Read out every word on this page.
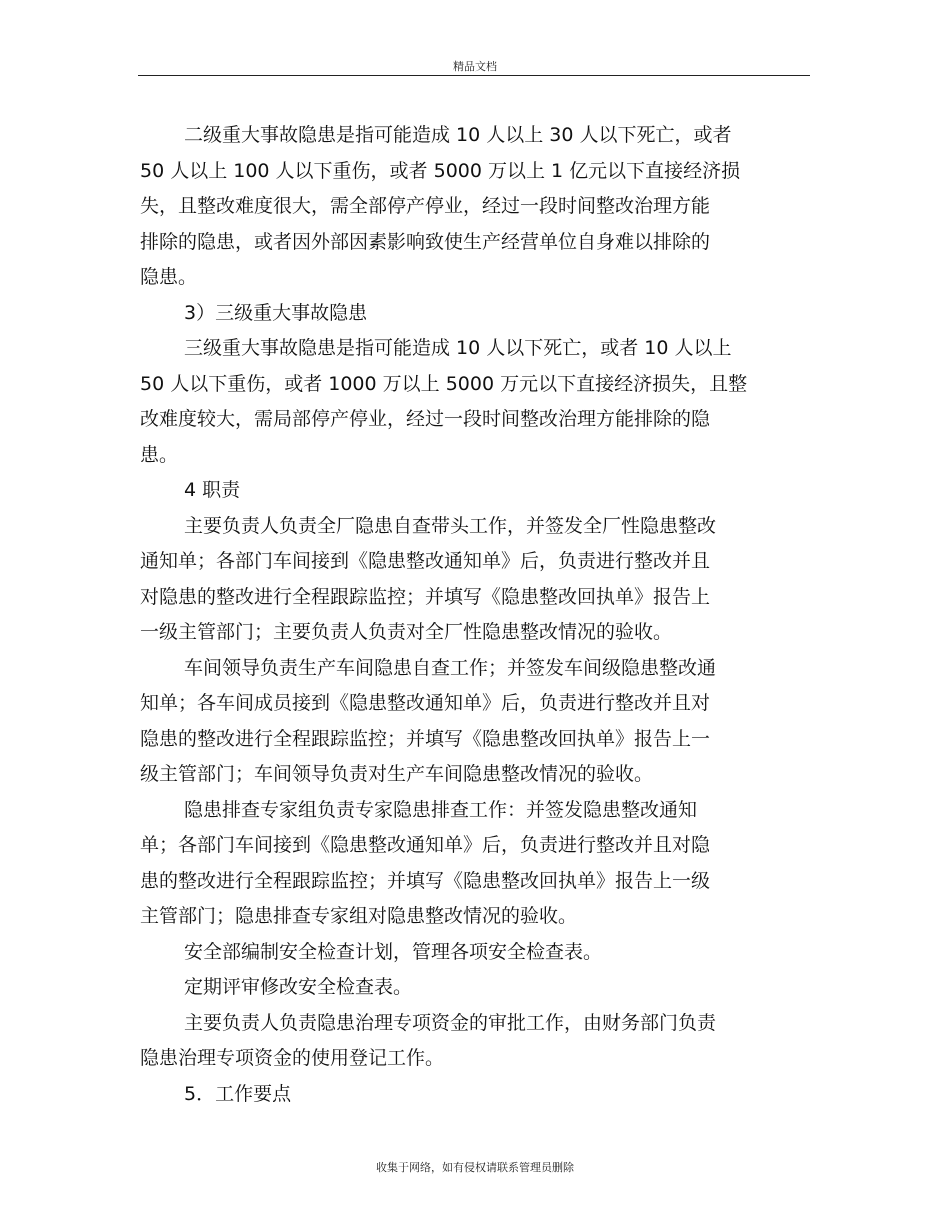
精品文档
二级重大事故隐患是指可能造成 10 人以上 30 人以下死亡，或者
50 人以上 100 人以下重伤，或者 5000 万以上 1 亿元以下直接经济损
失，且整改难度很大，需全部停产停业，经过一段时间整改治理方能
排除的隐患，或者因外部因素影响致使生产经营单位自身难以排除的
隐患。
3）三级重大事故隐患
三级重大事故隐患是指可能造成 10 人以下死亡，或者 10 人以上
50 人以下重伤，或者 1000 万以上 5000 万元以下直接经济损失，且整
改难度较大，需局部停产停业，经过一段时间整改治理方能排除的隐
患。
4 职责
主要负责人负责全厂隐患自查带头工作，并签发全厂性隐患整改
通知单；各部门车间接到《隐患整改通知单》后，负责进行整改并且
对隐患的整改进行全程跟踪监控；并填写《隐患整改回执单》报告上
一级主管部门；主要负责人负责对全厂性隐患整改情况的验收。
车间领导负责生产车间隐患自查工作；并签发车间级隐患整改通
知单；各车间成员接到《隐患整改通知单》后，负责进行整改并且对
隐患的整改进行全程跟踪监控；并填写《隐患整改回执单》报告上一
级主管部门；车间领导负责对生产车间隐患整改情况的验收。
隐患排查专家组负责专家隐患排查工作：并签发隐患整改通知
单；各部门车间接到《隐患整改通知单》后，负责进行整改并且对隐
患的整改进行全程跟踪监控；并填写《隐患整改回执单》报告上一级
主管部门；隐患排查专家组对隐患整改情况的验收。
安全部编制安全检查计划，管理各项安全检查表。
定期评审修改安全检查表。
主要负责人负责隐患治理专项资金的审批工作，由财务部门负责
隐患治理专项资金的使用登记工作。
5．工作要点
收集于网络，如有侵权请联系管理员删除
